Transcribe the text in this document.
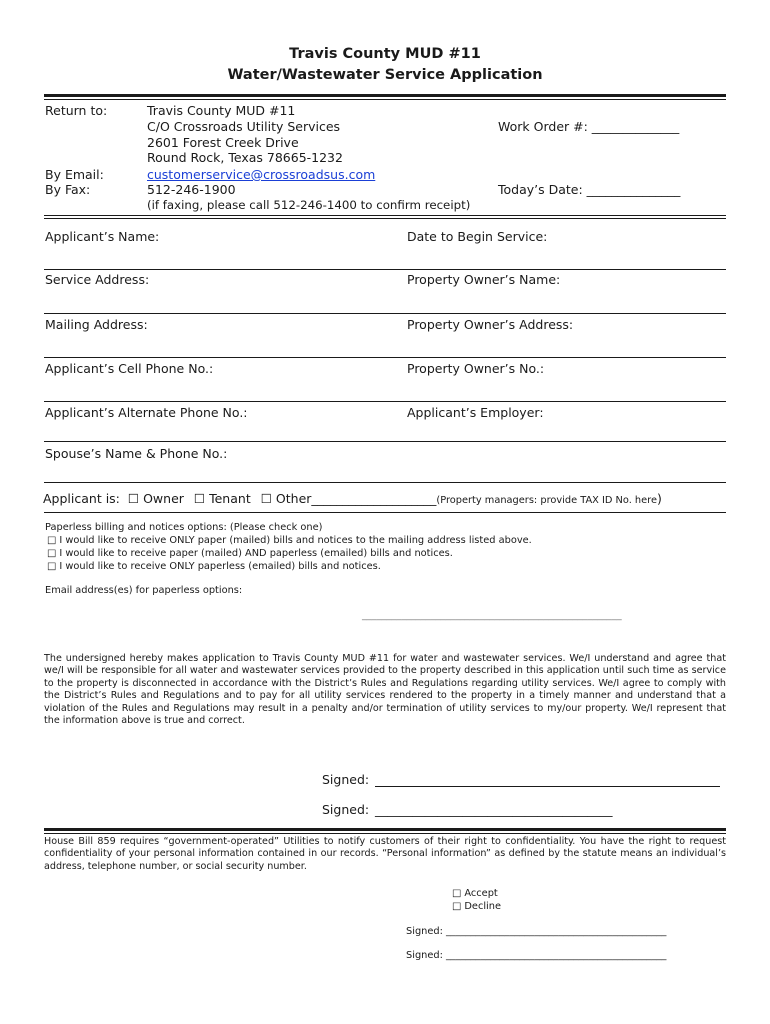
Travis County MUD #11
Water/Wastewater Service Application
Return to:	Travis County MUD #11
C/O Crossroads Utility Services
2601 Forest Creek Drive
Round Rock, Texas 78665-1232
By Email:	customerservice@crossroadsus.com
By Fax:	512-246-1900
(if faxing, please call 512-246-1400 to confirm receipt)
Work Order #: ______________
Today’s Date: _______________
Applicant’s Name:	Date to Begin Service:
Service Address:	Property Owner’s Name:
Mailing Address:	Property Owner’s Address:
Applicant’s Cell Phone No.:	Property Owner’s No.:
Applicant’s Alternate Phone No.:	Applicant’s Employer:
Spouse’s Name & Phone No.:
Applicant is: ☐ Owner ☐ Tenant ☐ Other____________________(Property managers: provide TAX ID No. here)
Paperless billing and notices options: (Please check one)
□ I would like to receive ONLY paper (mailed) bills and notices to the mailing address listed above.
□ I would like to receive paper (mailed) AND paperless (emailed) bills and notices.
□ I would like to receive ONLY paperless (emailed) bills and notices.
Email address(es) for paperless options:
_____________________________________________________
The undersigned hereby makes application to Travis County MUD #11 for water and wastewater services. We/I understand and agree that we/I will be responsible for all water and wastewater services provided to the property described in this application until such time as service to the property is disconnected in accordance with the District’s Rules and Regulations regarding utility services. We/I agree to comply with the District’s Rules and Regulations and to pay for all utility services rendered to the property in a timely manner and understand that a violation of the Rules and Regulations may result in a penalty and/or termination of utility services to my/our property. We/I represent that the information above is true and correct.
Signed:
Signed: ______________________________________
House Bill 859 requires “government-operated” Utilities to notify customers of their right to confidentiality. You have the right to request confidentiality of your personal information contained in our records. “Personal information” as defined by the statute means an individual’s address, telephone number, or social security number.
□ Accept
□ Decline
Signed: _____________________________________________
Signed: _____________________________________________
